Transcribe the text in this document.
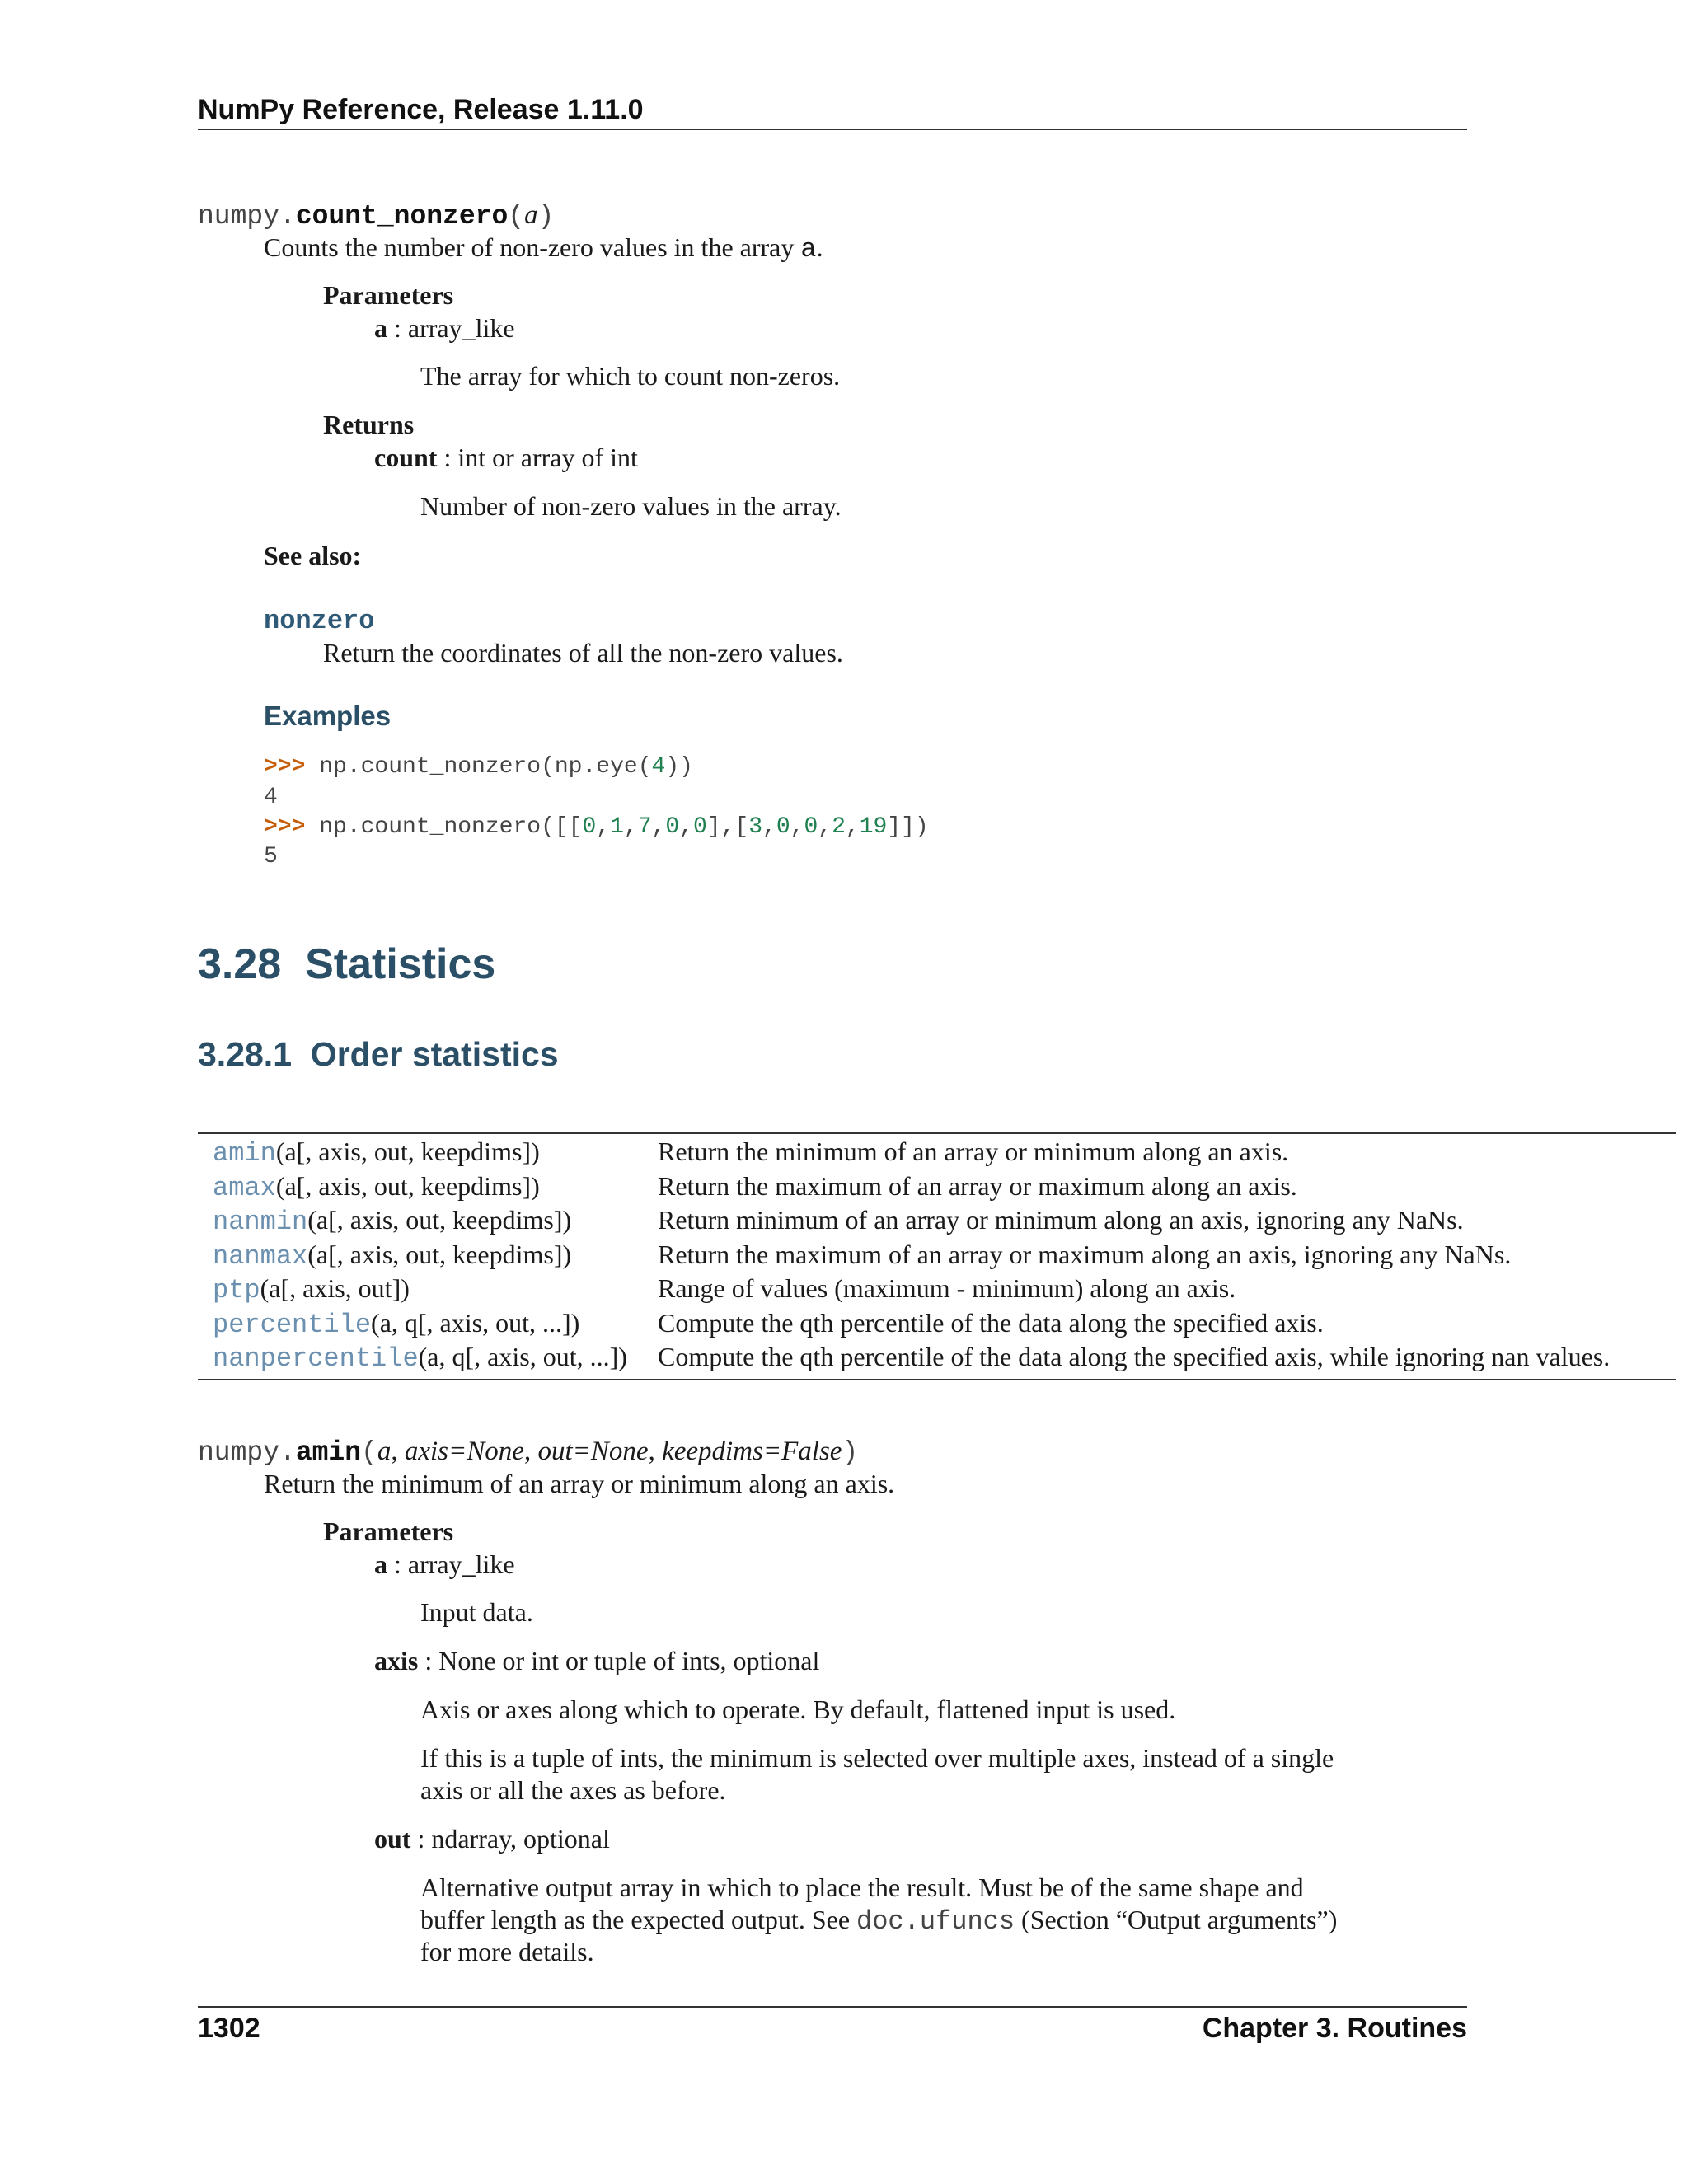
NumPy Reference, Release 1.11.0
numpy.count_nonzero(a)
Counts the number of non-zero values in the array a.
Parameters
a : array_like
The array for which to count non-zeros.
Returns
count : int or array of int
Number of non-zero values in the array.
See also:
nonzero
Return the coordinates of all the non-zero values.
Examples
>>> np.count_nonzero(np.eye(4))
4
>>> np.count_nonzero([[0,1,7,0,0],[3,0,0,2,19]])
5
3.28 Statistics
3.28.1 Order statistics
amin(a[, axis, out, keepdims])	Return the minimum of an array or minimum along an axis.
amax(a[, axis, out, keepdims])	Return the maximum of an array or maximum along an axis.
nanmin(a[, axis, out, keepdims])	Return minimum of an array or minimum along an axis, ignoring any NaNs.
nanmax(a[, axis, out, keepdims])	Return the maximum of an array or maximum along an axis, ignoring any NaNs.
ptp(a[, axis, out])	Range of values (maximum - minimum) along an axis.
percentile(a, q[, axis, out, ...])	Compute the qth percentile of the data along the specified axis.
nanpercentile(a, q[, axis, out, ...])	Compute the qth percentile of the data along the specified axis, while ignoring nan values.
numpy.amin(a, axis=None, out=None, keepdims=False)
Return the minimum of an array or minimum along an axis.
Parameters
a : array_like
Input data.
axis : None or int or tuple of ints, optional
Axis or axes along which to operate. By default, flattened input is used.
If this is a tuple of ints, the minimum is selected over multiple axes, instead of a single
axis or all the axes as before.
out : ndarray, optional
Alternative output array in which to place the result. Must be of the same shape and
buffer length as the expected output. See doc.ufuncs (Section “Output arguments”)
for more details.
1302	Chapter 3. Routines
